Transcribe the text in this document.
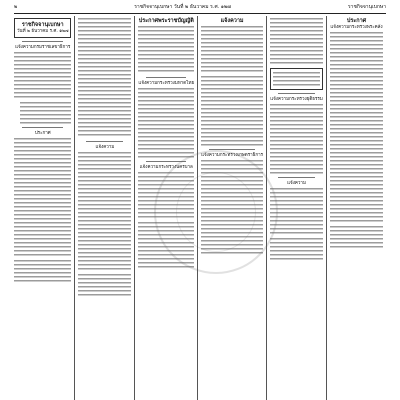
๒	ราชกิจจานุเบกษา วันที่ ๒ ธันวาคม ร.ศ. ๑๒๗	ราชกิจจานุเบกษา
ราชกิจจานุเบกษา
วันที่ ๒ ธันวาคม ร.ศ. ๑๒๗
แจ้งความกรมราชเลขาธิการ
ประกาศ
แจ้งความ
ประกาศพระราชบัญญัติ
แจ้งความกระทรวงมหาดไทย
แจ้งความกระทรวงนครบาล
แจ้งความ
แจ้งความกระทรวงเกษตราธิการ
แจ้งความกระทรวงยุติธรรม
แจ้งความ
ประกาศ
แจ้งความกระทรวงพระคลัง
